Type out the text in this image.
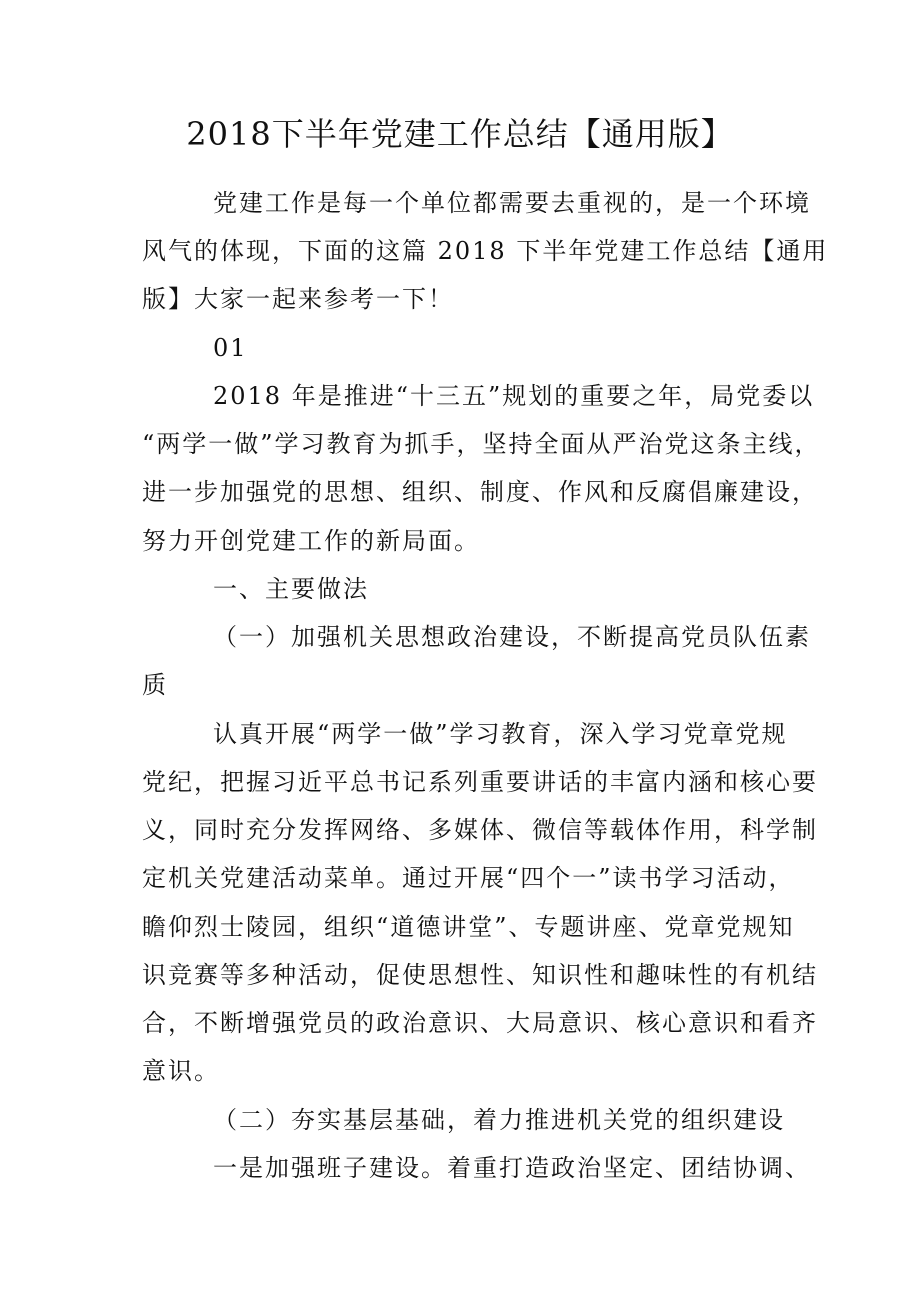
2018下半年党建工作总结【通用版】
党建工作是每一个单位都需要去重视的，是一个环境
风气的体现，下面的这篇 2018 下半年党建工作总结【通用
版】大家一起来参考一下！
01
2018 年是推进“十三五”规划的重要之年，局党委以
“两学一做”学习教育为抓手，坚持全面从严治党这条主线，
进一步加强党的思想、组织、制度、作风和反腐倡廉建设，
努力开创党建工作的新局面。
一、主要做法
（一）加强机关思想政治建设，不断提高党员队伍素
质
认真开展“两学一做”学习教育，深入学习党章党规
党纪，把握习近平总书记系列重要讲话的丰富内涵和核心要
义，同时充分发挥网络、多媒体、微信等载体作用，科学制
定机关党建活动菜单。通过开展“四个一”读书学习活动，
瞻仰烈士陵园，组织“道德讲堂”、专题讲座、党章党规知
识竞赛等多种活动，促使思想性、知识性和趣味性的有机结
合，不断增强党员的政治意识、大局意识、核心意识和看齐
意识。
（二）夯实基层基础，着力推进机关党的组织建设
一是加强班子建设。着重打造政治坚定、团结协调、
